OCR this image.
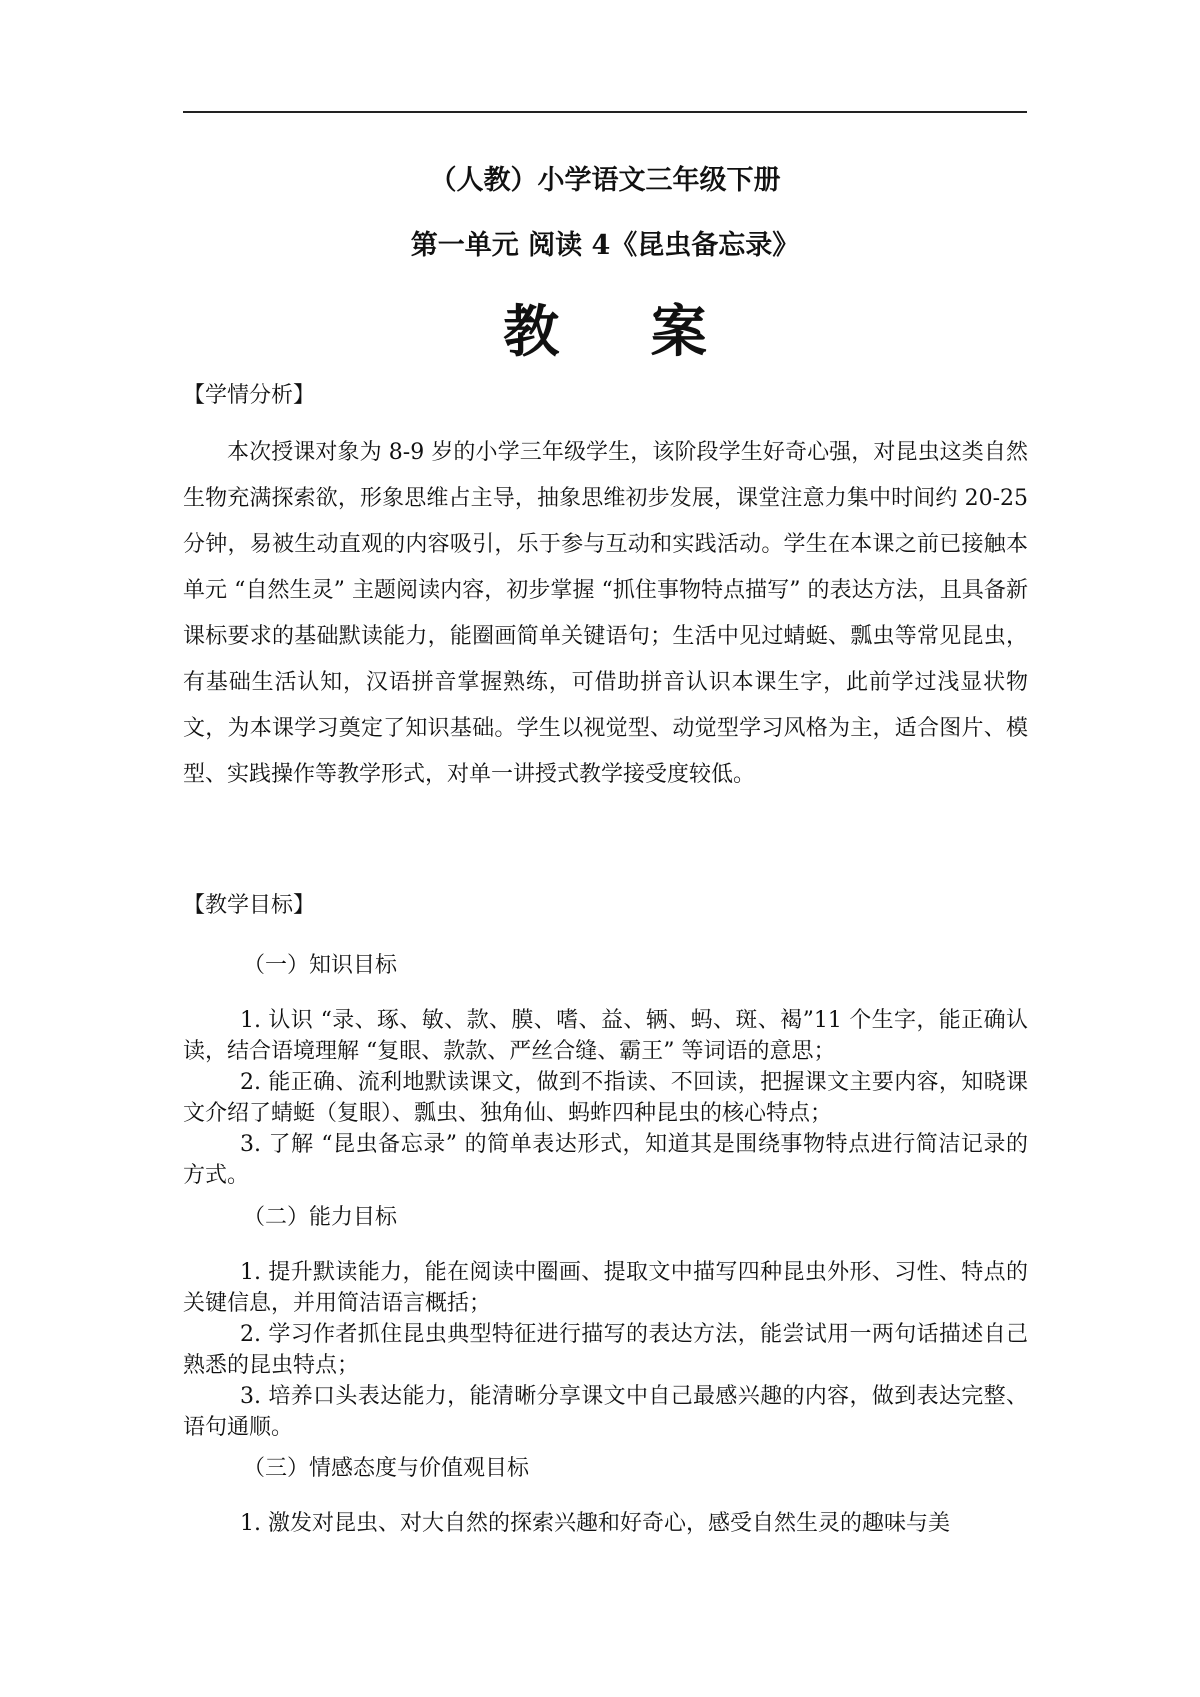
（人教）小学语文三年级下册
第一单元 阅读 4《昆虫备忘录》
教 案
【学情分析】

本次授课对象为 8-9 岁的小学三年级学生，该阶段学生好奇心强，对昆虫这类自然生物充满探索欲，形象思维占主导，抽象思维初步发展，课堂注意力集中时间约 20-25 分钟，易被生动直观的内容吸引，乐于参与互动和实践活动。学生在本课之前已接触本单元 “自然生灵” 主题阅读内容，初步掌握 “抓住事物特点描写” 的表达方法，且具备新课标要求的基础默读能力，能圈画简单关键语句；生活中见过蜻蜓、瓢虫等常见昆虫，有基础生活认知，汉语拼音掌握熟练，可借助拼音认识本课生字，此前学过浅显状物文，为本课学习奠定了知识基础。学生以视觉型、动觉型学习风格为主，适合图片、模型、实践操作等教学形式，对单一讲授式教学接受度较低。

【教学目标】
（一）知识目标

1. 认识 “录、琢、敏、款、膜、嗜、益、辆、蚂、斑、褐”11 个生字，能正确认读，结合语境理解 “复眼、款款、严丝合缝、霸王” 等词语的意思；

2. 能正确、流利地默读课文，做到不指读、不回读，把握课文主要内容，知晓课文介绍了蜻蜓（复眼）、瓢虫、独角仙、蚂蚱四种昆虫的核心特点；

3. 了解 “昆虫备忘录” 的简单表达形式，知道其是围绕事物特点进行简洁记录的方式。

（二）能力目标

1. 提升默读能力，能在阅读中圈画、提取文中描写四种昆虫外形、习性、特点的关键信息，并用简洁语言概括；

2. 学习作者抓住昆虫典型特征进行描写的表达方法，能尝试用一两句话描述自己熟悉的昆虫特点；

3. 培养口头表达能力，能清晰分享课文中自己最感兴趣的内容，做到表达完整、语句通顺。

（三）情感态度与价值观目标

1. 激发对昆虫、对大自然的探索兴趣和好奇心，感受自然生灵的趣味与美
